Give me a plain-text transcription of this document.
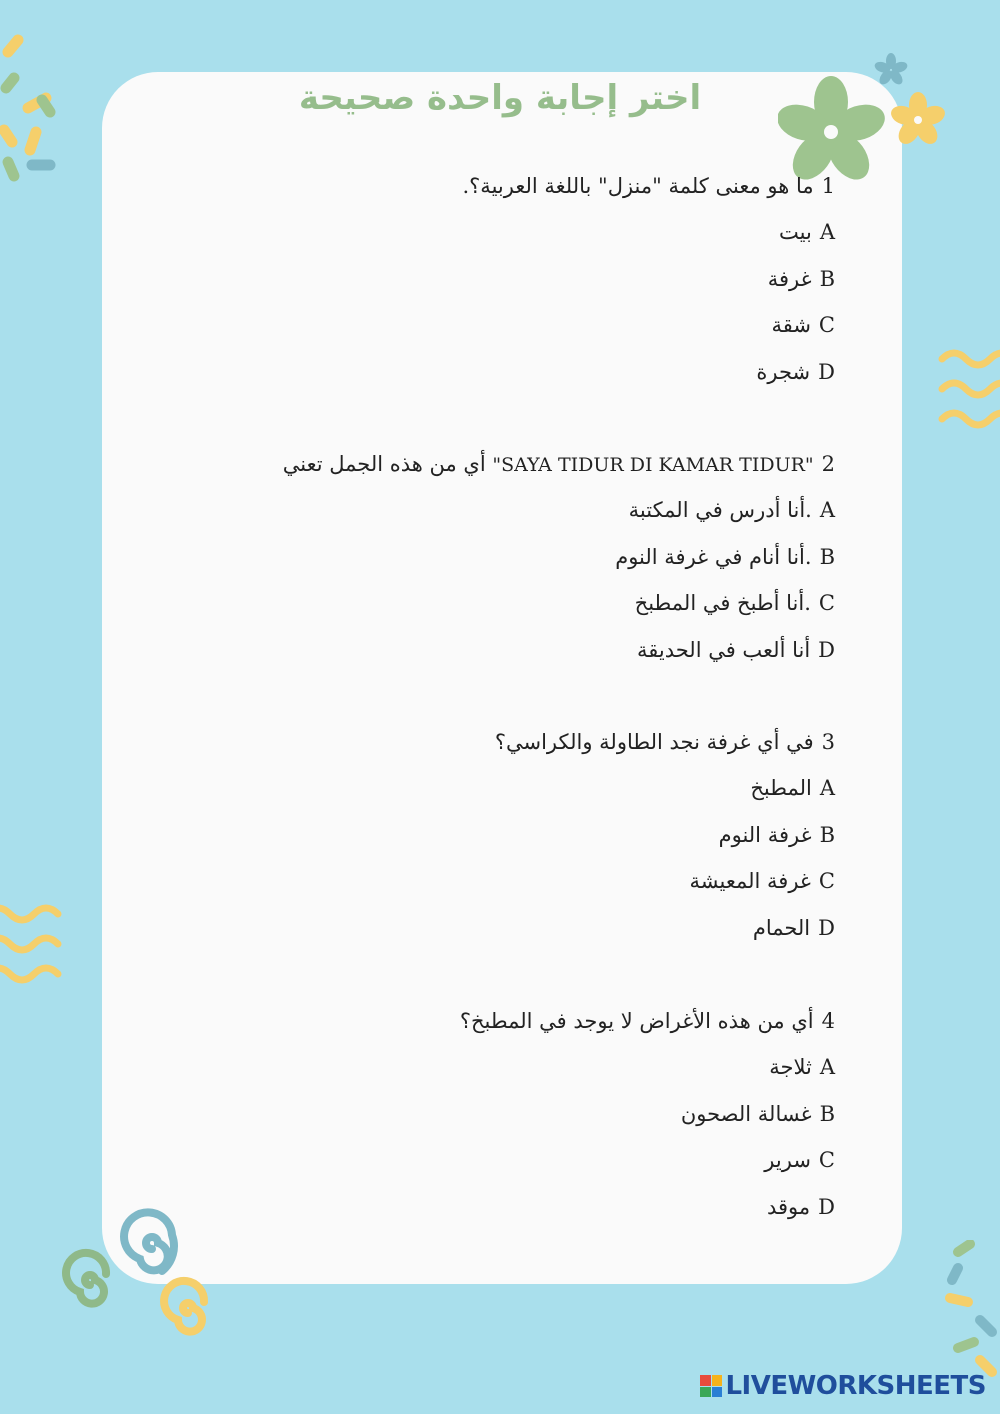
اختر إجابة واحدة صحيحة
1ما هو معنى كلمة "منزل" باللغة العربية؟.
Aبيت
Bغرفة
Cشقة
Dشجرة
2"SAYA TIDUR DI KAMAR TIDUR" أي من هذه الجمل تعني
A.أنا أدرس في المكتبة
B.أنا أنام في غرفة النوم
C.أنا أطبخ في المطبخ
Dأنا ألعب في الحديقة
3في أي غرفة نجد الطاولة والكراسي؟
Aالمطبخ
Bغرفة النوم
Cغرفة المعيشة
Dالحمام
4أي من هذه الأغراض لا يوجد في المطبخ؟
Aثلاجة
Bغسالة الصحون
Cسرير
Dموقد
LIVEWORKSHEETS
